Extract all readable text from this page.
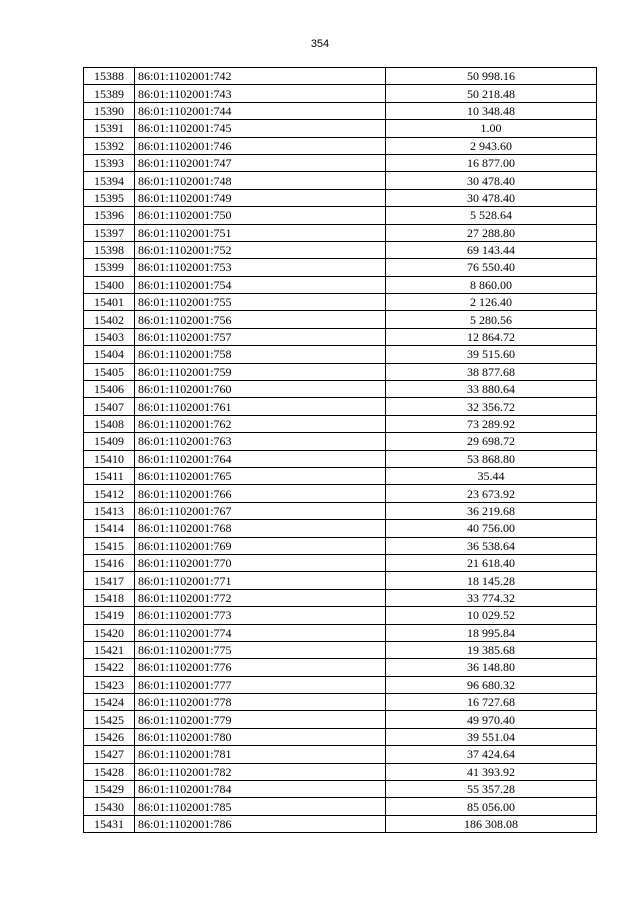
354
15388	86:01:1102001:742	50 998.16
15389	86:01:1102001:743	50 218.48
15390	86:01:1102001:744	10 348.48
15391	86:01:1102001:745	1.00
15392	86:01:1102001:746	2 943.60
15393	86:01:1102001:747	16 877.00
15394	86:01:1102001:748	30 478.40
15395	86:01:1102001:749	30 478.40
15396	86:01:1102001:750	5 528.64
15397	86:01:1102001:751	27 288.80
15398	86:01:1102001:752	69 143.44
15399	86:01:1102001:753	76 550.40
15400	86:01:1102001:754	8 860.00
15401	86:01:1102001:755	2 126.40
15402	86:01:1102001:756	5 280.56
15403	86:01:1102001:757	12 864.72
15404	86:01:1102001:758	39 515.60
15405	86:01:1102001:759	38 877.68
15406	86:01:1102001:760	33 880.64
15407	86:01:1102001:761	32 356.72
15408	86:01:1102001:762	73 289.92
15409	86:01:1102001:763	29 698.72
15410	86:01:1102001:764	53 868.80
15411	86:01:1102001:765	35.44
15412	86:01:1102001:766	23 673.92
15413	86:01:1102001:767	36 219.68
15414	86:01:1102001:768	40 756.00
15415	86:01:1102001:769	36 538.64
15416	86:01:1102001:770	21 618.40
15417	86:01:1102001:771	18 145.28
15418	86:01:1102001:772	33 774.32
15419	86:01:1102001:773	10 029.52
15420	86:01:1102001:774	18 995.84
15421	86:01:1102001:775	19 385.68
15422	86:01:1102001:776	36 148.80
15423	86:01:1102001:777	96 680.32
15424	86:01:1102001:778	16 727.68
15425	86:01:1102001:779	49 970.40
15426	86:01:1102001:780	39 551.04
15427	86:01:1102001:781	37 424.64
15428	86:01:1102001:782	41 393.92
15429	86:01:1102001:784	55 357.28
15430	86:01:1102001:785	85 056.00
15431	86:01:1102001:786	186 308.08
